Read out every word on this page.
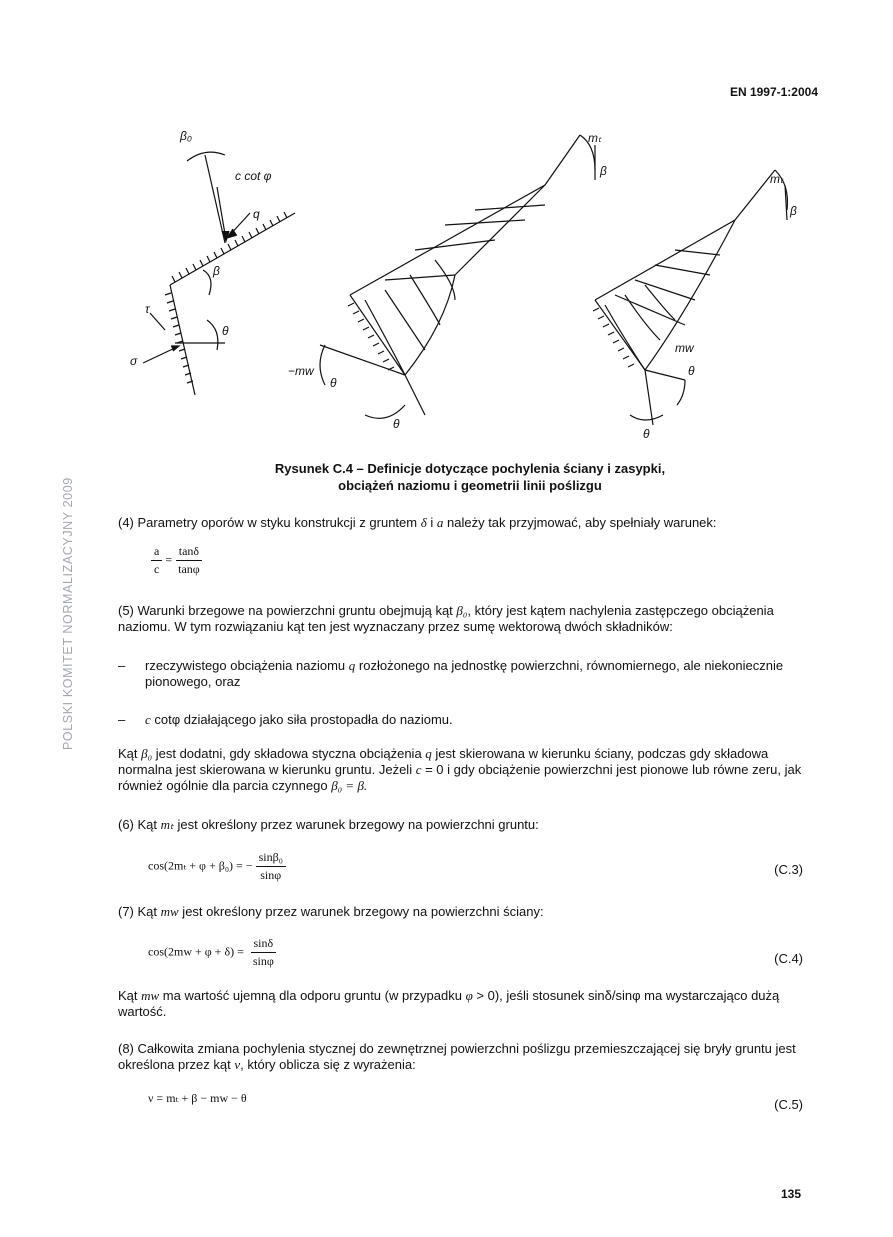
EN 1997-1:2004
POLSKI KOMITET NORMALIZACYJNY 2009
β₀
c cot φ
q
β
τ
σ
θ
mₜ
β
−mw
θ
θ
mₜ
β
mw
θ
θ
Rysunek C.4 – Definicje dotyczące pochylenia ściany i zasypki,
obciążeń naziomu i geometrii linii poślizgu
(4) Parametry oporów w styku konstrukcji z gruntem δ i a należy tak przyjmować, aby spełniały warunek:
$\frac{a}{c} = \frac{\tan\delta}{\tan\varphi}$
(5) Warunki brzegowe na powierzchni gruntu obejmują kąt β₀, który jest kątem nachylenia zastępczego obciążenia naziomu. W tym rozwiązaniu kąt ten jest wyznaczany przez sumę wektorową dwóch składników:
– rzeczywistego obciążenia naziomu q rozłożonego na jednostkę powierzchni, równomiernego, ale niekoniecznie pionowego, oraz
– c cotφ działającego jako siła prostopadła do naziomu.
Kąt β₀ jest dodatni, gdy składowa styczna obciążenia q jest skierowana w kierunku ściany, podczas gdy składowa normalna jest skierowana w kierunku gruntu. Jeżeli c = 0 i gdy obciążenie powierzchni jest pionowe lub równe zeru, jak również ogólnie dla parcia czynnego β₀ = β.
(6) Kąt mₜ jest określony przez warunek brzegowy na powierzchni gruntu:
cos(2mₜ + φ + β₀) = − $\frac{\text{sinβ₀}}{\sin\varphi}$	(C.3)
(7) Kąt mw jest określony przez warunek brzegowy na powierzchni ściany:
$\cos(2mw + \varphi + \delta) = \frac{\sin\delta}{\sin\varphi}$	(C.4)
Kąt mw ma wartość ujemną dla odporu gruntu (w przypadku φ > 0), jeśli stosunek sinδ/sinφ ma wystarczająco dużą wartość.
(8) Całkowita zmiana pochylenia stycznej do zewnętrznej powierzchni poślizgu przemieszczającej się bryły gruntu jest określona przez kąt ν, który oblicza się z wyrażenia:
ν = mₜ + β − mw − θ	(C.5)
135
